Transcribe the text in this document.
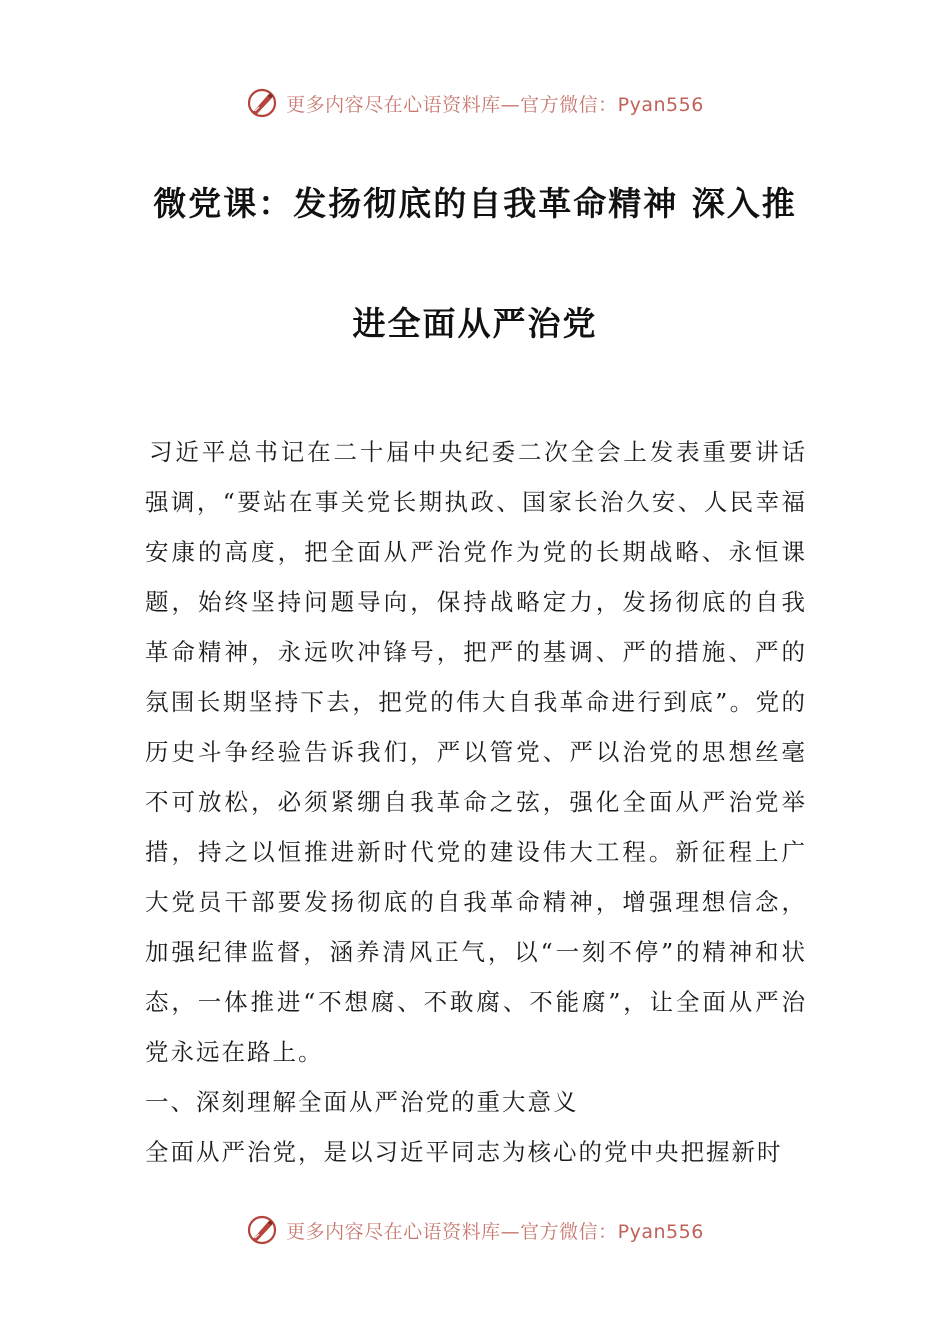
更多内容尽在心语资料库—官方微信：Pyan556
微党课：发扬彻底的自我革命精神 深入推
进全面从严治党

习近平总书记在二十届中央纪委二次全会上发表重要讲话强调，“要站在事关党长期执政、国家长治久安、人民幸福安康的高度，把全面从严治党作为党的长期战略、永恒课题，始终坚持问题导向，保持战略定力，发扬彻底的自我革命精神，永远吹冲锋号，把严的基调、严的措施、严的氛围长期坚持下去，把党的伟大自我革命进行到底”。党的历史斗争经验告诉我们，严以管党、严以治党的思想丝毫不可放松，必须紧绷自我革命之弦，强化全面从严治党举措，持之以恒推进新时代党的建设伟大工程。新征程上广大党员干部要发扬彻底的自我革命精神，增强理想信念，加强纪律监督，涵养清风正气，以“一刻不停”的精神和状态，一体推进“不想腐、不敢腐、不能腐”，让全面从严治党永远在路上。

一、深刻理解全面从严治党的重大意义

全面从严治党，是以习近平同志为核心的党中央把握新时

更多内容尽在心语资料库—官方微信：Pyan556
